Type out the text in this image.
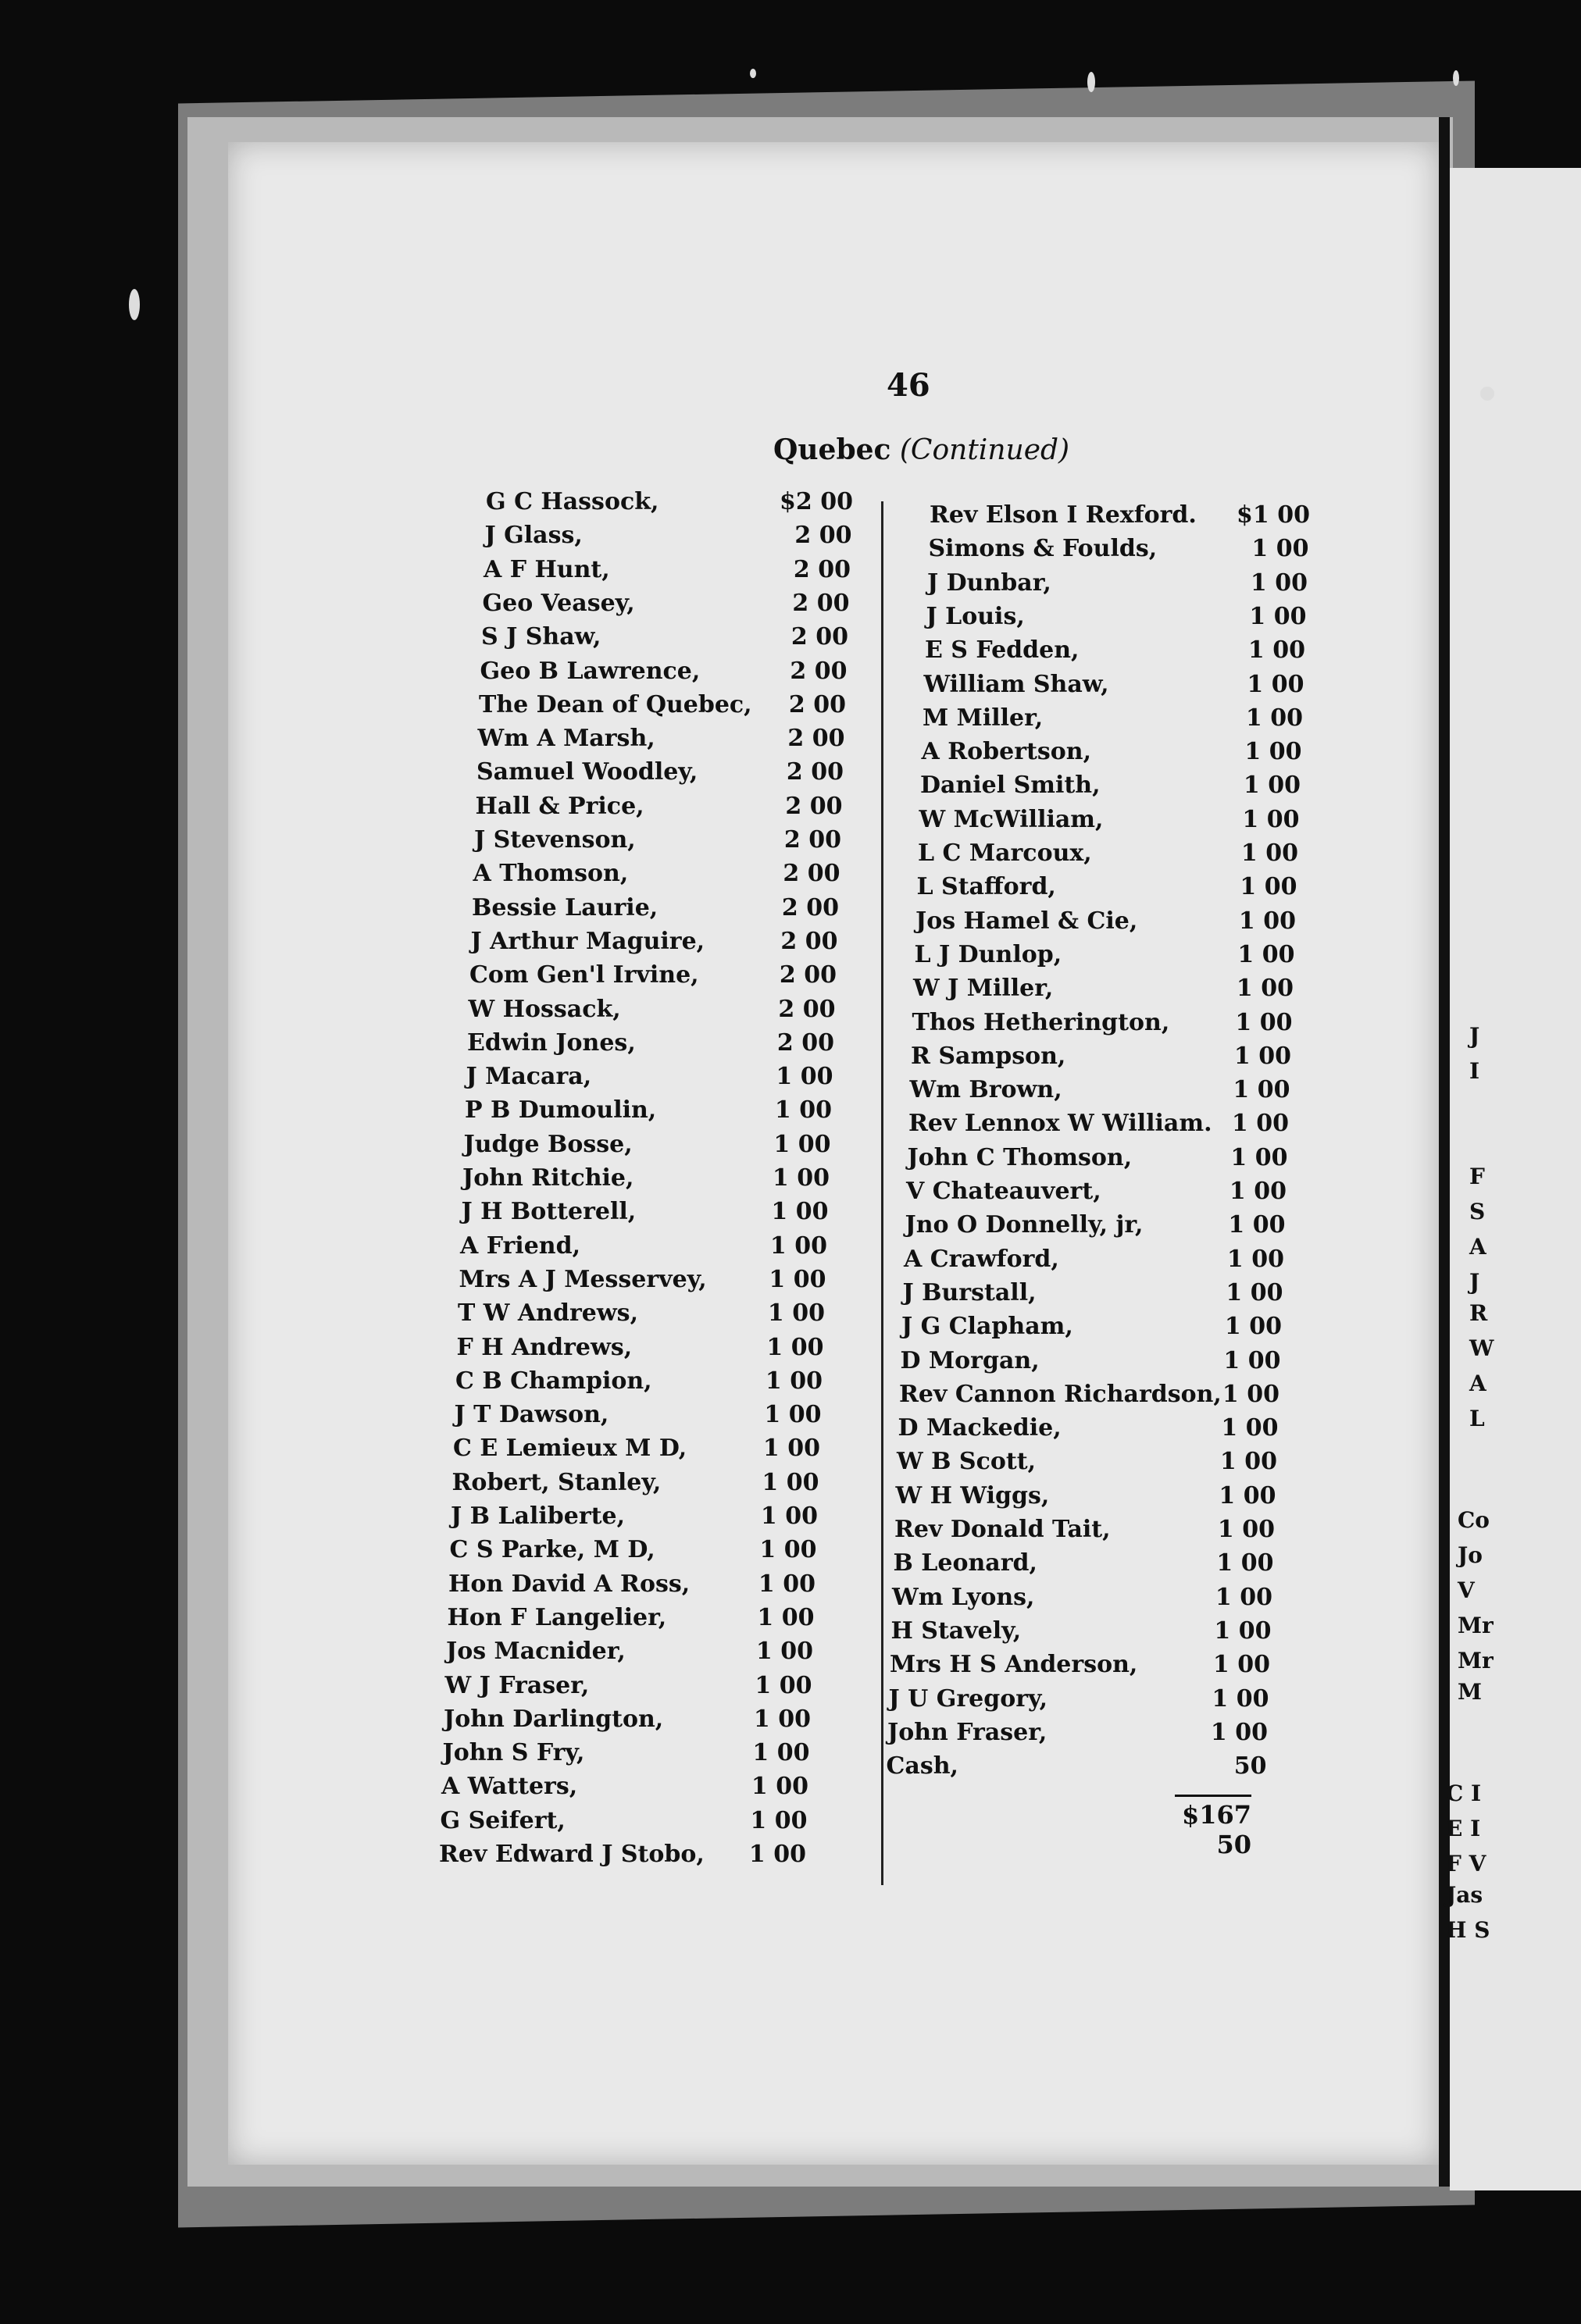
J
I
F
S
A
J
R
W
A
L
Co
Jo
V
Mr
Mr
M
C I
E I
F V
Jas
H S
46
Quebec (Continued)
G C Hassock,	$2 00
J Glass,	2 00
A F Hunt,	2 00
Geo Veasey,	2 00
S J Shaw,	2 00
Geo B Lawrence,	2 00
The Dean of Quebec,	2 00
Wm A Marsh,	2 00
Samuel Woodley,	2 00
Hall & Price,	2 00
J Stevenson,	2 00
A Thomson,	2 00
Bessie Laurie,	2 00
J Arthur Maguire,	2 00
Com Gen'l Irvine,	2 00
W Hossack,	2 00
Edwin Jones,	2 00
J Macara,	1 00
P B Dumoulin,	1 00
Judge Bosse,	1 00
John Ritchie,	1 00
J H Botterell,	1 00
A Friend,	1 00
Mrs A J Messervey,	1 00
T W Andrews,	1 00
F H Andrews,	1 00
C B Champion,	1 00
J T Dawson,	1 00
C E Lemieux M D,	1 00
Robert, Stanley,	1 00
J B Laliberte,	1 00
C S Parke, M D,	1 00
Hon David A Ross,	1 00
Hon F Langelier,	1 00
Jos Macnider,	1 00
W J Fraser,	1 00
John Darlington,	1 00
John S Fry,	1 00
A Watters,	1 00
G Seifert,	1 00
Rev Edward J Stobo,	1 00
Rev Elson I Rexford.	$1 00
Simons & Foulds,	1 00
J Dunbar,	1 00
J Louis,	1 00
E S Fedden,	1 00
William Shaw,	1 00
M Miller,	1 00
A Robertson,	1 00
Daniel Smith,	1 00
W McWilliam,	1 00
L C Marcoux,	1 00
L Stafford,	1 00
Jos Hamel & Cie,	1 00
L J Dunlop,	1 00
W J Miller,	1 00
Thos Hetherington,	1 00
R Sampson,	1 00
Wm Brown,	1 00
Rev Lennox W William. 1 00
John C Thomson,	1 00
V Chateauvert,	1 00
Jno O Donnelly, jr,	1 00
A Crawford,	1 00
J Burstall,	1 00
J G Clapham,	1 00
D Morgan,	1 00
Rev Cannon Richardson, 1 00
D Mackedie,	1 00
W B Scott,	1 00
W H Wiggs,	1 00
Rev Donald Tait,	1 00
B Leonard,	1 00
Wm Lyons,	1 00
H Stavely,	1 00
Mrs H S Anderson,	1 00
J U Gregory,	1 00
John Fraser,	1 00
Cash,	50
$167 50
